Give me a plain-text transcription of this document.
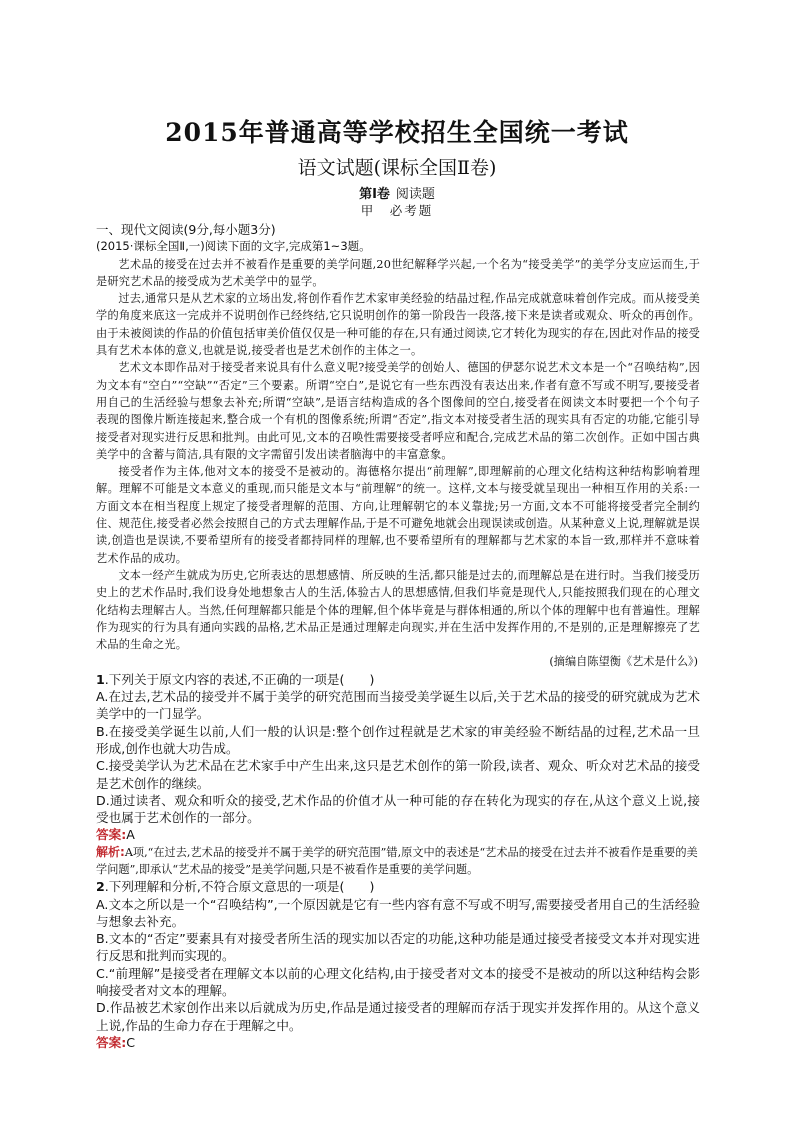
2015年普通高等学校招生全国统一考试
语文试题(课标全国Ⅱ卷)
第Ⅰ卷 阅读题
甲　必考题

一、现代文阅读(9分,每小题3分)

(2015·课标全国Ⅱ,一)阅读下面的文字,完成第1~3题。

艺术品的接受在过去并不被看作是重要的美学问题,20世纪解释学兴起,一个名为“接受美学”的美学分支应运而生,于是研究艺术品的接受成为艺术美学中的显学。

过去,通常只是从艺术家的立场出发,将创作看作艺术家审美经验的结晶过程,作品完成就意味着创作完成。而从接受美学的角度来底这一完成并不说明创作已经终结,它只说明创作的第一阶段告一段落,接下来是读者或观众、听众的再创作。由于未被阅读的作品的价值包括审美价值仅仅是一种可能的存在,只有通过阅读,它才转化为现实的存在,因此对作品的接受具有艺术本体的意义,也就是说,接受者也是艺术创作的主体之一。

艺术文本即作品对于接受者来说具有什么意义呢?接受美学的创始人、德国的伊瑟尔说艺术文本是一个“召唤结构”,因为文本有“空白”“空缺”“否定”三个要素。所谓“空白”,是说它有一些东西没有表达出来,作者有意不写或不明写,要接受者用自己的生活经验与想象去补充;所谓“空缺”,是语言结构造成的各个图像间的空白,接受者在阅读文本时要把一个个句子表现的图像片断连接起来,整合成一个有机的图像系统;所谓“否定”,指文本对接受者生活的现实具有否定的功能,它能引导接受者对现实进行反思和批判。由此可见,文本的召唤性需要接受者呼应和配合,完成艺术品的第二次创作。正如中国古典美学中的含蓄与简洁,具有限的文字需留引发出读者脑海中的丰富意象。

接受者作为主体,他对文本的接受不是被动的。海德格尔提出“前理解”,即理解前的心理文化结构这种结构影响着理解。理解不可能是文本意义的重现,而只能是文本与“前理解”的统一。这样,文本与接受就呈现出一种相互作用的关系:一方面文本在相当程度上规定了接受者理解的范围、方向,让理解朝它的本义靠拢;另一方面,文本不可能将接受者完全制约住、规范住,接受者必然会按照自己的方式去理解作品,于是不可避免地就会出现误读或创造。从某种意义上说,理解就是误读,创造也是误读,不要希望所有的接受者都持同样的理解,也不要希望所有的理解都与艺术家的本旨一致,那样并不意味着艺术作品的成功。

文本一经产生就成为历史,它所表达的思想感情、所反映的生活,都只能是过去的,而理解总是在进行时。当我们接受历史上的艺术作品时,我们设身处地想象古人的生活,体验古人的思想感情,但我们毕竟是现代人,只能按照我们现在的心理文化结构去理解古人。当然,任何理解都只能是个体的理解,但个体毕竟是与群体相通的,所以个体的理解中也有普遍性。理解作为现实的行为具有通向实践的品格,艺术品正是通过理解走向现实,并在生活中发挥作用的,不是别的,正是理解擦亮了艺术品的生命之光。

(摘编自陈望衡《艺术是什么》)

1.下列关于原文内容的表述,不正确的一项是(　　)

A.在过去,艺术品的接受并不属于美学的研究范围而当接受美学诞生以后,关于艺术品的接受的研究就成为艺术美学中的一门显学。

B.在接受美学诞生以前,人们一般的认识是:整个创作过程就是艺术家的审美经验不断结晶的过程,艺术品一旦形成,创作也就大功告成。

C.接受美学认为艺术品在艺术家手中产生出来,这只是艺术创作的第一阶段,读者、观众、听众对艺术品的接受是艺术创作的继续。

D.通过读者、观众和听众的接受,艺术作品的价值才从一种可能的存在转化为现实的存在,从这个意义上说,接受也属于艺术创作的一部分。

答案:A

解析:A项,“在过去,艺术品的接受并不属于美学的研究范围”错,原文中的表述是“艺术品的接受在过去并不被看作是重要的美学问题”,即承认“艺术品的接受”是美学问题,只是不被看作是重要的美学问题。

2.下列理解和分析,不符合原文意思的一项是(　　)

A.文本之所以是一个“召唤结构”,一个原因就是它有一些内容有意不写或不明写,需要接受者用自己的生活经验与想象去补充。

B.文本的“否定”要素具有对接受者所生活的现实加以否定的功能,这种功能是通过接受者接受文本并对现实进行反思和批判而实现的。

C.“前理解”是接受者在理解文本以前的心理文化结构,由于接受者对文本的接受不是被动的所以这种结构会影响接受者对文本的理解。

D.作品被艺术家创作出来以后就成为历史,作品是通过接受者的理解而存活于现实并发挥作用的。从这个意义上说,作品的生命力存在于理解之中。

答案:C
